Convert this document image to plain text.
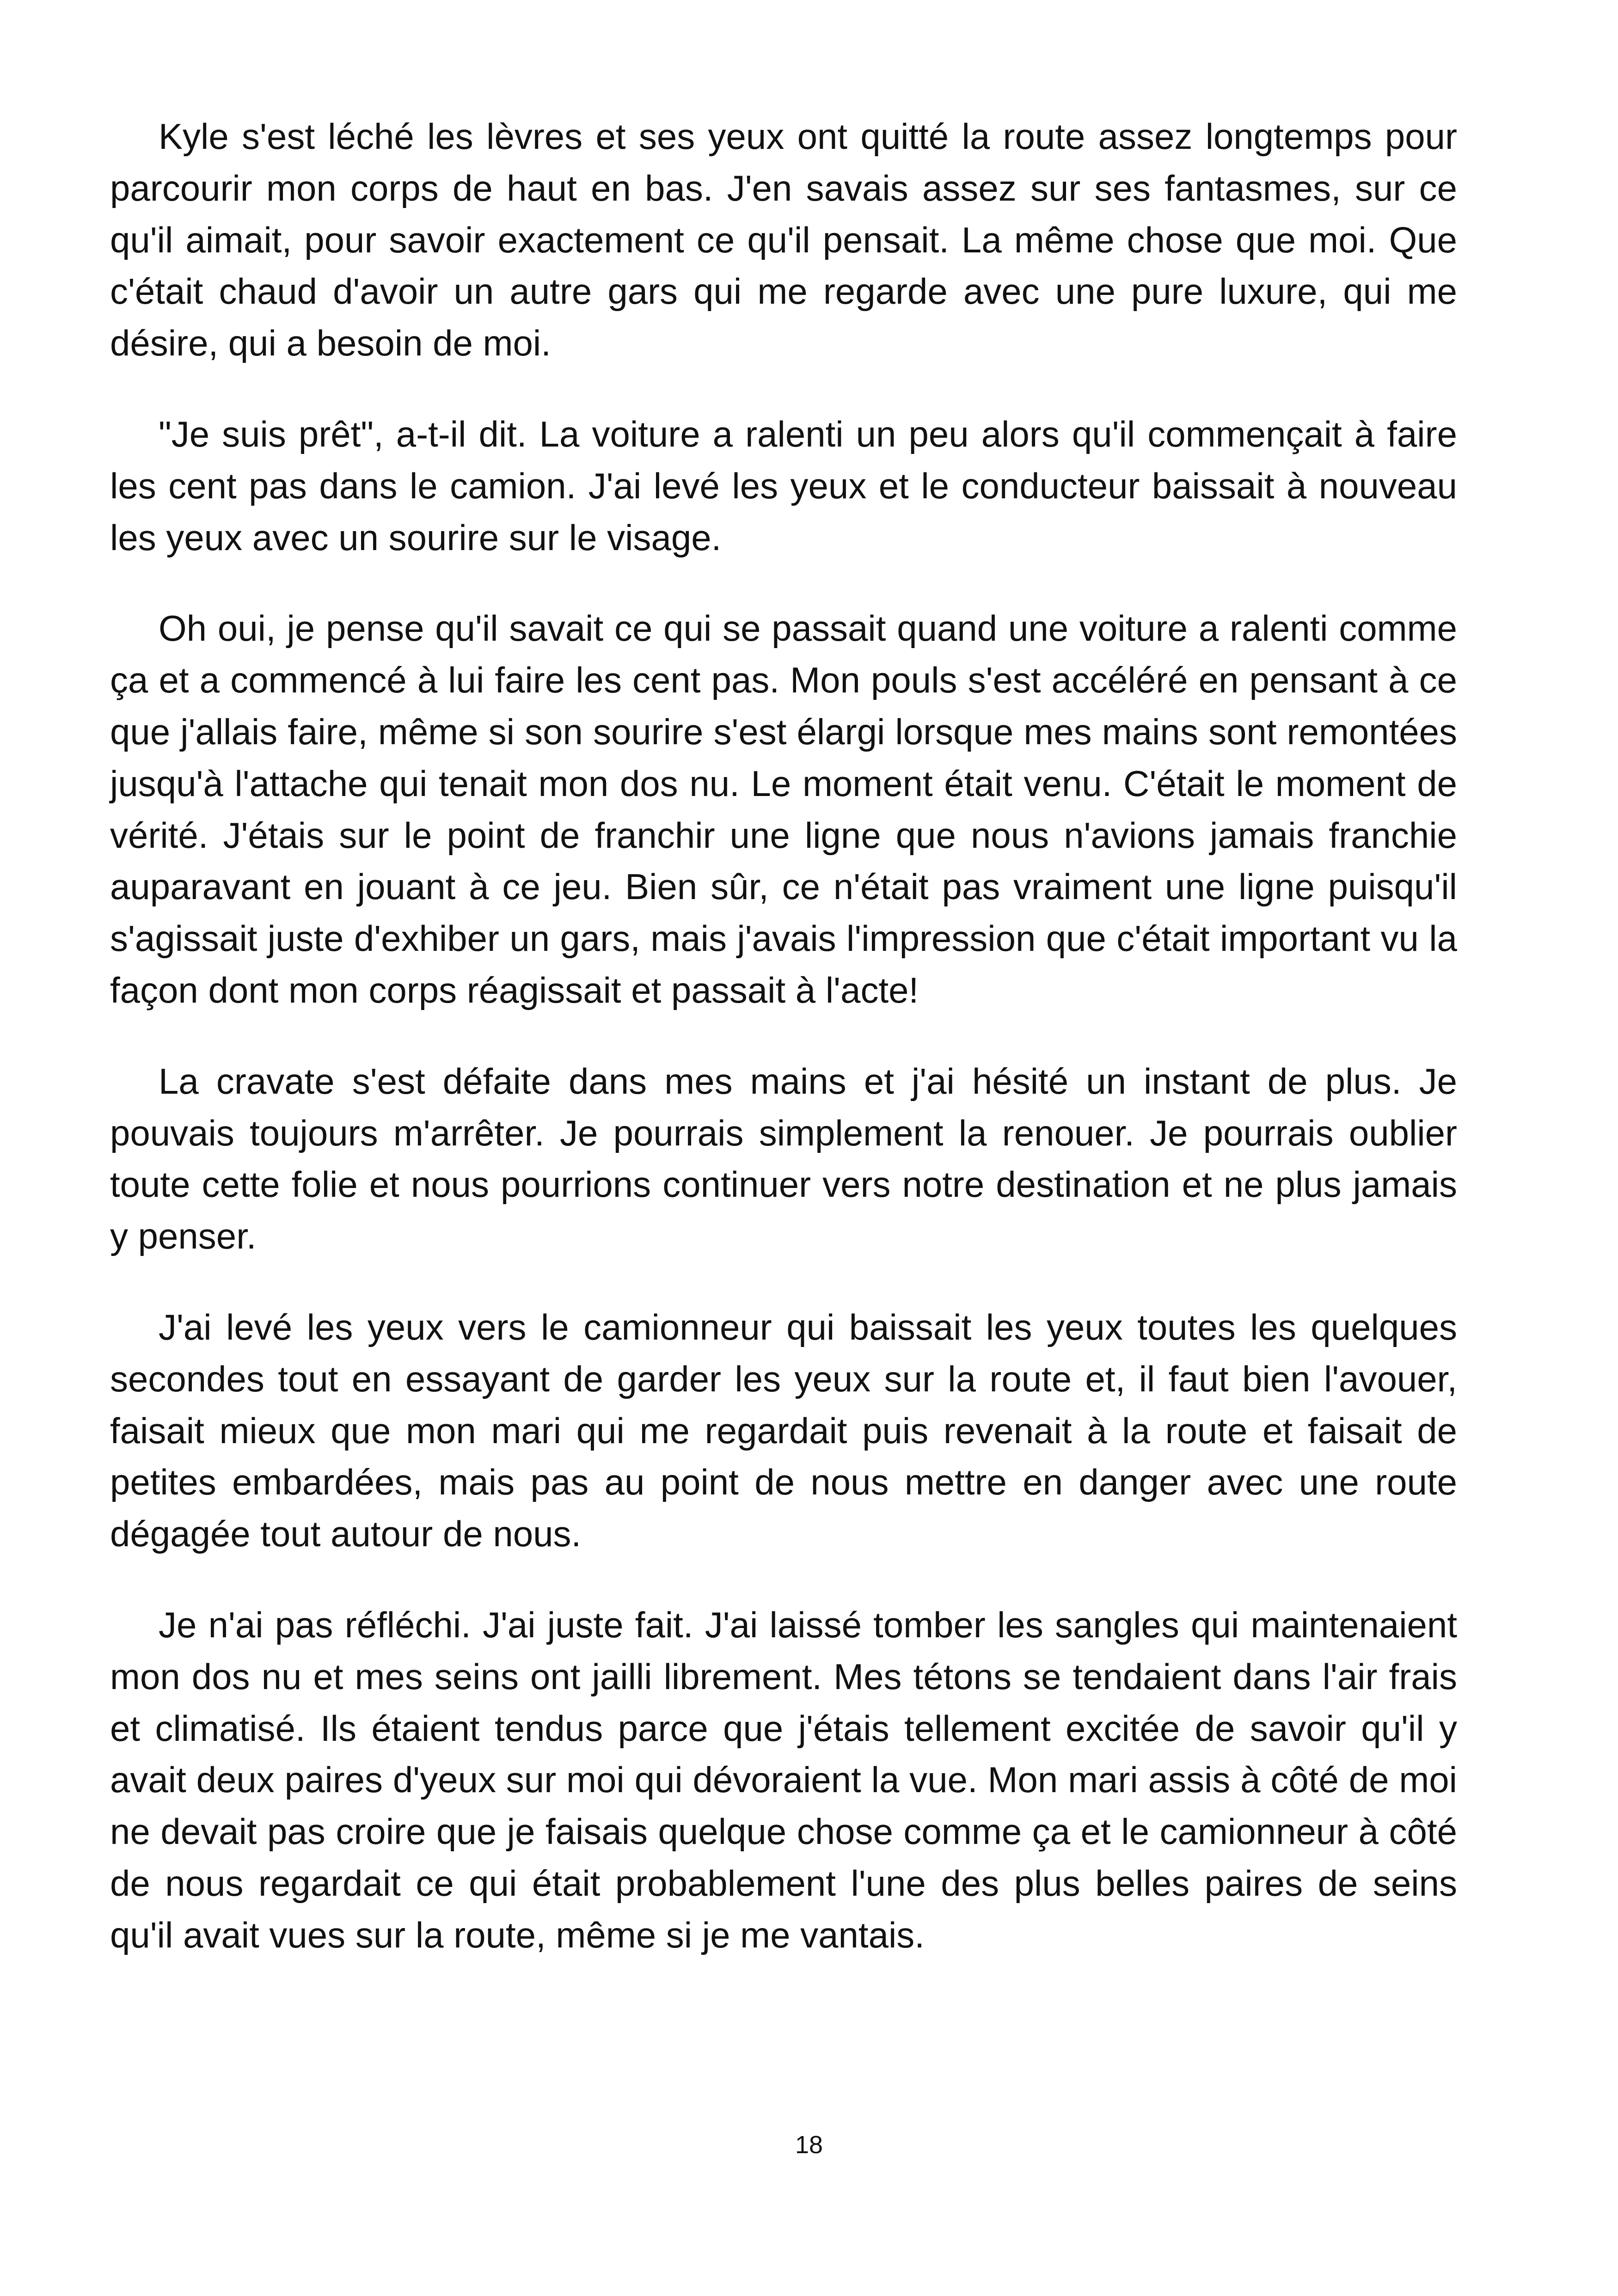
Kyle s'est léché les lèvres et ses yeux ont quitté la route assez longtemps pour parcourir mon corps de haut en bas. J'en savais assez sur ses fantasmes, sur ce qu'il aimait, pour savoir exactement ce qu'il pensait. La même chose que moi. Que c'était chaud d'avoir un autre gars qui me regarde avec une pure luxure, qui me désire, qui a besoin de moi.

"Je suis prêt", a-t-il dit. La voiture a ralenti un peu alors qu'il commençait à faire les cent pas dans le camion. J'ai levé les yeux et le conducteur baissait à nouveau les yeux avec un sourire sur le visage.

Oh oui, je pense qu'il savait ce qui se passait quand une voiture a ralenti comme ça et a commencé à lui faire les cent pas. Mon pouls s'est accéléré en pensant à ce que j'allais faire, même si son sourire s'est élargi lorsque mes mains sont remontées jusqu'à l'attache qui tenait mon dos nu. Le moment était venu. C'était le moment de vérité. J'étais sur le point de franchir une ligne que nous n'avions jamais franchie auparavant en jouant à ce jeu. Bien sûr, ce n'était pas vraiment une ligne puisqu'il s'agissait juste d'exhiber un gars, mais j'avais l'impression que c'était important vu la façon dont mon corps réagissait et passait à l'acte!

La cravate s'est défaite dans mes mains et j'ai hésité un instant de plus. Je pouvais toujours m'arrêter. Je pourrais simplement la renouer. Je pourrais oublier toute cette folie et nous pourrions continuer vers notre destination et ne plus jamais y penser.

J'ai levé les yeux vers le camionneur qui baissait les yeux toutes les quelques secondes tout en essayant de garder les yeux sur la route et, il faut bien l'avouer, faisait mieux que mon mari qui me regardait puis revenait à la route et faisait de petites embardées, mais pas au point de nous mettre en danger avec une route dégagée tout autour de nous.

Je n'ai pas réfléchi. J'ai juste fait. J'ai laissé tomber les sangles qui maintenaient mon dos nu et mes seins ont jailli librement. Mes tétons se tendaient dans l'air frais et climatisé. Ils étaient tendus parce que j'étais tellement excitée de savoir qu'il y avait deux paires d'yeux sur moi qui dévoraient la vue. Mon mari assis à côté de moi ne devait pas croire que je faisais quelque chose comme ça et le camionneur à côté de nous regardait ce qui était probablement l'une des plus belles paires de seins qu'il avait vues sur la route, même si je me vantais.

18
